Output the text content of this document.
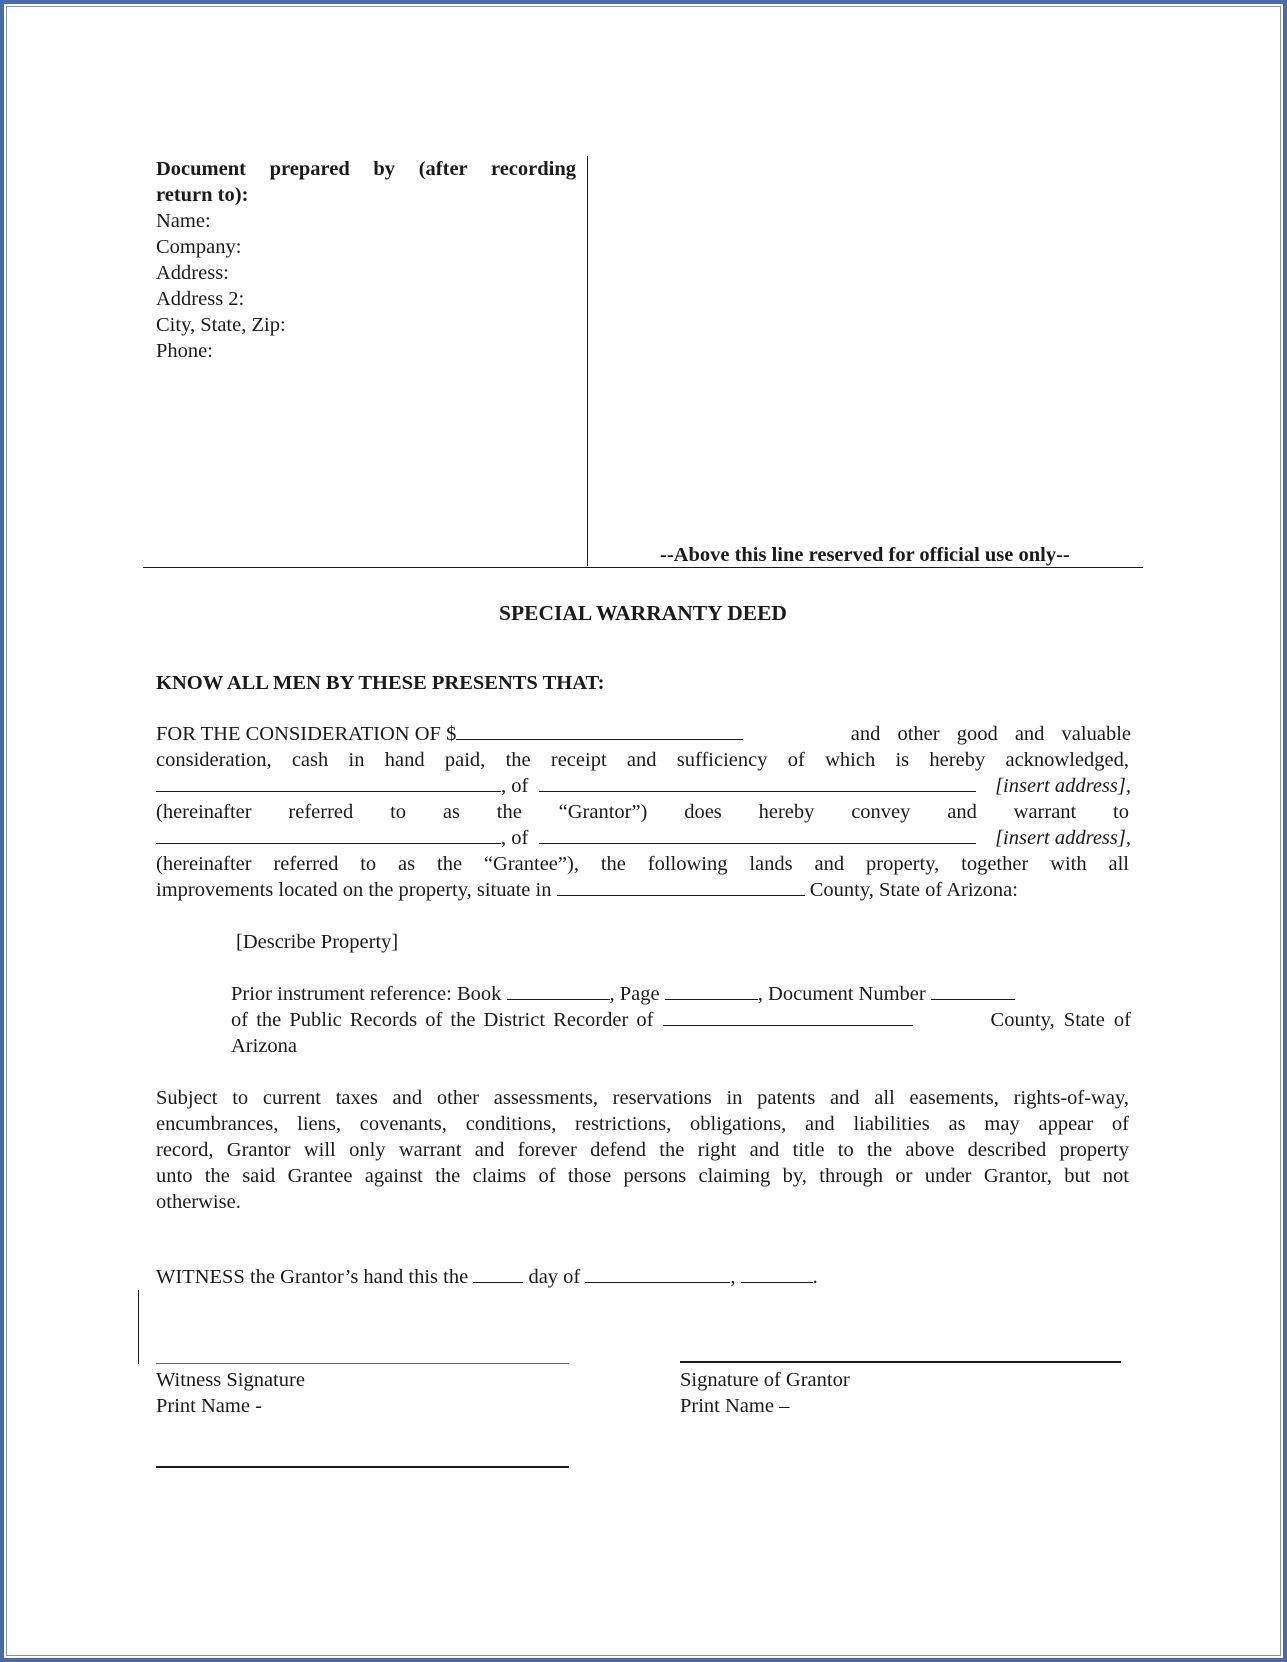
Document prepared by (after recording
return to):
Name:
Company:
Address:
Address 2:
City, State, Zip:
Phone:
--Above this line reserved for official use only--
SPECIAL WARRANTY DEED
KNOW ALL MEN BY THESE PRESENTS THAT:
FOR THE CONSIDERATION OF $	and other good and valuable
consideration, cash in hand paid, the receipt and sufficiency of which is hereby acknowledged,
, of	[insert address],
(hereinafter referred to as the “Grantor”) does hereby convey and warrant to
, of	[insert address],
(hereinafter referred to as the “Grantee”), the following lands and property, together with all
improvements located on the property, situate in	County, State of Arizona:
[Describe Property]
Prior instrument reference: Book	, Page	, Document Number
of the Public Records of the District Recorder of	County, State of
Arizona
Subject to current taxes and other assessments, reservations in patents and all easements, rights-of-way,
encumbrances, liens, covenants, conditions, restrictions, obligations, and liabilities as may appear of
record, Grantor will only warrant and forever defend the right and title to the above described property
unto the said Grantee against the claims of those persons claiming by, through or under Grantor, but not
otherwise.
WITNESS the Grantor’s hand this the	day of	,	.
Witness Signature
Print Name -
Signature of Grantor
Print Name –
